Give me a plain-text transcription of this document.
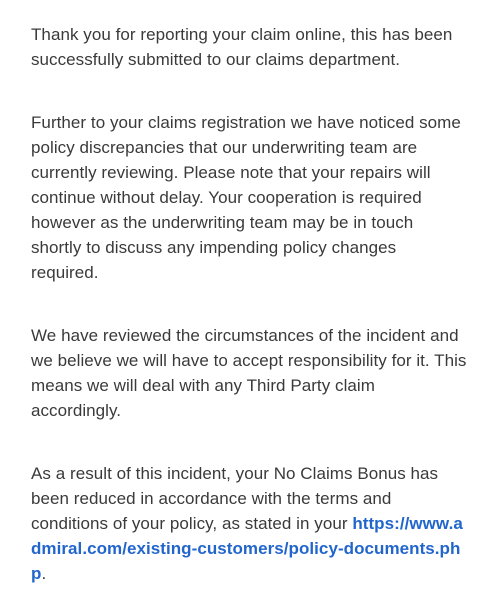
Thank you for reporting your claim online, this has been successfully submitted to our claims department.

Further to your claims registration we have noticed some policy discrepancies that our underwriting team are currently reviewing. Please note that your repairs will continue without delay. Your cooperation is required however as the underwriting team may be in touch shortly to discuss any impending policy changes required.

We have reviewed the circumstances of the incident and we believe we will have to accept responsibility for it. This means we will deal with any Third Party claim accordingly.

As a result of this incident, your No Claims Bonus has been reduced in accordance with the terms and conditions of your policy, as stated in your https://www.admiral.com/existing-customers/policy-documents.php.
